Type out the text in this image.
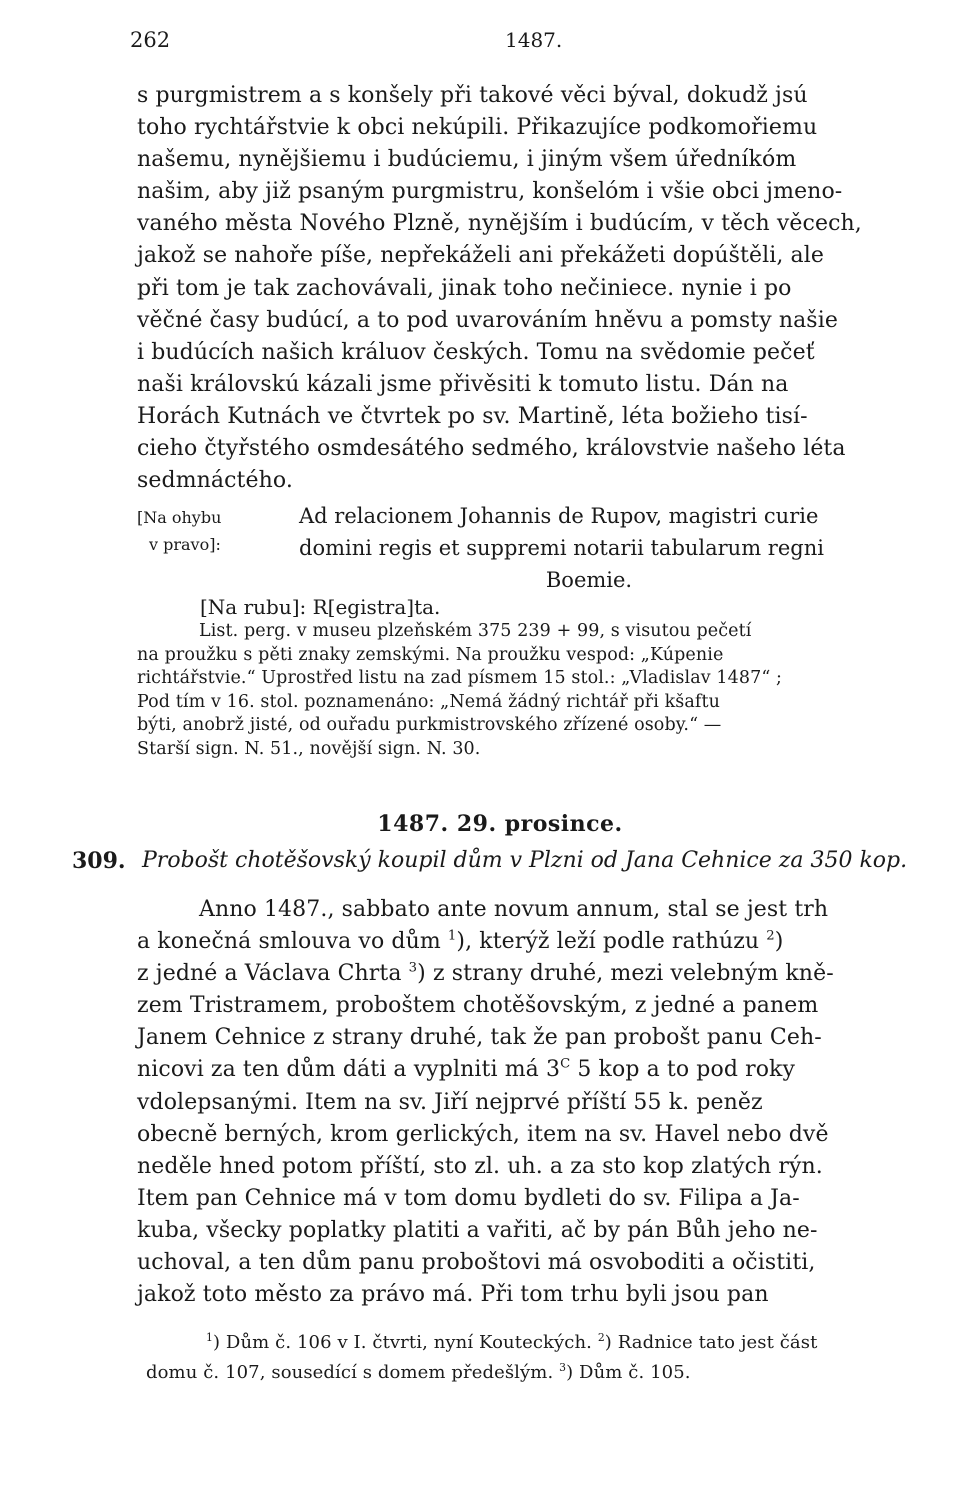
262	1487.
s purgmistrem a s konšely při takové věci býval, dokudž jsú
toho rychtářstvie k obci nekúpili. Přikazujíce podkomořiemu
našemu, nynějšiemu i budúciemu, i jiným všem úředníkóm
našim, aby již psaným purgmistru, konšelóm i všie obci jmeno-
vaného města Nového Plzně, nynějším i budúcím, v těch věcech,
jakož se nahoře píše, nepřekáželi ani překážeti dopúštěli, ale
při tom je tak zachovávali, jinak toho nečiniece. nynie i po
věčné časy budúcí, a to pod uvarováním hněvu a pomsty našie
i budúcích našich králuov českých. Tomu na svědomie pečeť
naši královskú kázali jsme přivěsiti k tomuto listu. Dán na
Horách Kutnách ve čtvrtek po sv. Martině, léta božieho tisí-
cieho čtyřstého osmdesátého sedmého, královstvie našeho léta
sedmnáctého.
[Na ohybu
v pravo]:
Ad relacionem Johannis de Rupov, magistri curie
domini regis et suppremi notarii tabularum regni
Boemie.
[Na rubu]: R[egistra]ta.
List. perg. v museu plzeňském 375 239 + 99, s visutou pečetí
na proužku s pěti znaky zemskými. Na proužku vespod: „Kúpenie
richtářstvie.“ Uprostřed listu na zad písmem 15 stol.: „Vladislav 1487“ ;
Pod tím v 16. stol. poznamenáno: „Nemá žádný richtář při kšaftu
býti, anobrž jisté, od ouřadu purkmistrovského zřízené osoby.“ —
Starší sign. N. 51., novější sign. N. 30.
1487. 29. prosince.
309. Probošt chotěšovský koupil dům v Plzni od Jana Cehnice za 350 kop.
Anno 1487., sabbato ante novum annum, stal se jest trh
a konečná smlouva vo dům $^1$), kterýž leží podle rathúzu $^2$)
z jedné a Václava Chrta $^3$) z strany druhé, mezi velebným kně-
zem Tristramem, proboštem chotěšovským, z jedné a panem
Janem Cehnice z strany druhé, tak že pan probošt panu Ceh-
nicovi za ten dům dáti a vyplniti má $3^C$ 5 kop a to pod roky
vdolepsanými. Item na sv. Jiří nejprvé příští 55 k. peněz
obecně berných, krom gerlických, item na sv. Havel nebo dvě
neděle hned potom příští, sto zl. uh. a za sto kop zlatých rýn.
Item pan Cehnice má v tom domu bydleti do sv. Filipa a Ja-
kuba, všecky poplatky platiti a vařiti, ač by pán Bůh jeho ne-
uchoval, a ten dům panu proboštovi má osvoboditi a očistiti,
jakož toto město za právo má. Při tom trhu byli jsou pan
$^1$) Dům č. 106 v I. čtvrti, nyní Kouteckých. $^2$) Radnice tato jest část
domu č. 107, sousedící s domem předešlým. $^3$) Dům č. 105.
